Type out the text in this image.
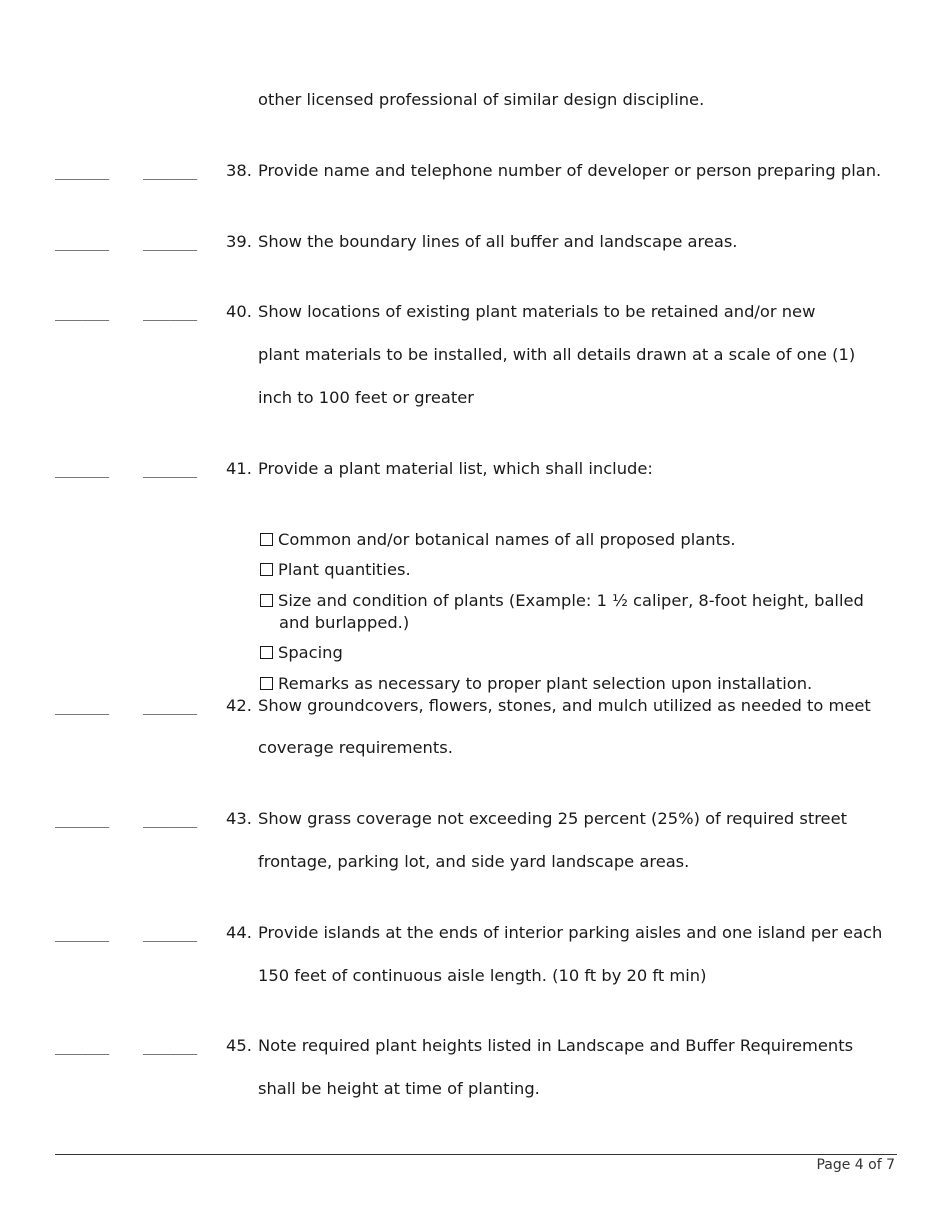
other licensed professional of similar design discipline.
______ ______ 38. Provide name and telephone number of developer or person preparing plan.
______ ______ 39. Show the boundary lines of all buffer and landscape areas.
______ ______ 40. Show locations of existing plant materials to be retained and/or new
plant materials to be installed, with all details drawn at a scale of one (1)
inch to 100 feet or greater
______ ______ 41. Provide a plant material list, which shall include:
Common and/or botanical names of all proposed plants.
Plant quantities.
Size and condition of plants (Example: 1 ½ caliper, 8-foot height, balled
and burlapped.)
Spacing
Remarks as necessary to proper plant selection upon installation.
______ ______ 42. Show groundcovers, flowers, stones, and mulch utilized as needed to meet
coverage requirements.
______ ______ 43. Show grass coverage not exceeding 25 percent (25%) of required street
frontage, parking lot, and side yard landscape areas.
______ ______ 44. Provide islands at the ends of interior parking aisles and one island per each
150 feet of continuous aisle length. (10 ft by 20 ft min)
______ ______ 45. Note required plant heights listed in Landscape and Buffer Requirements
shall be height at time of planting.
Page 4 of 7
